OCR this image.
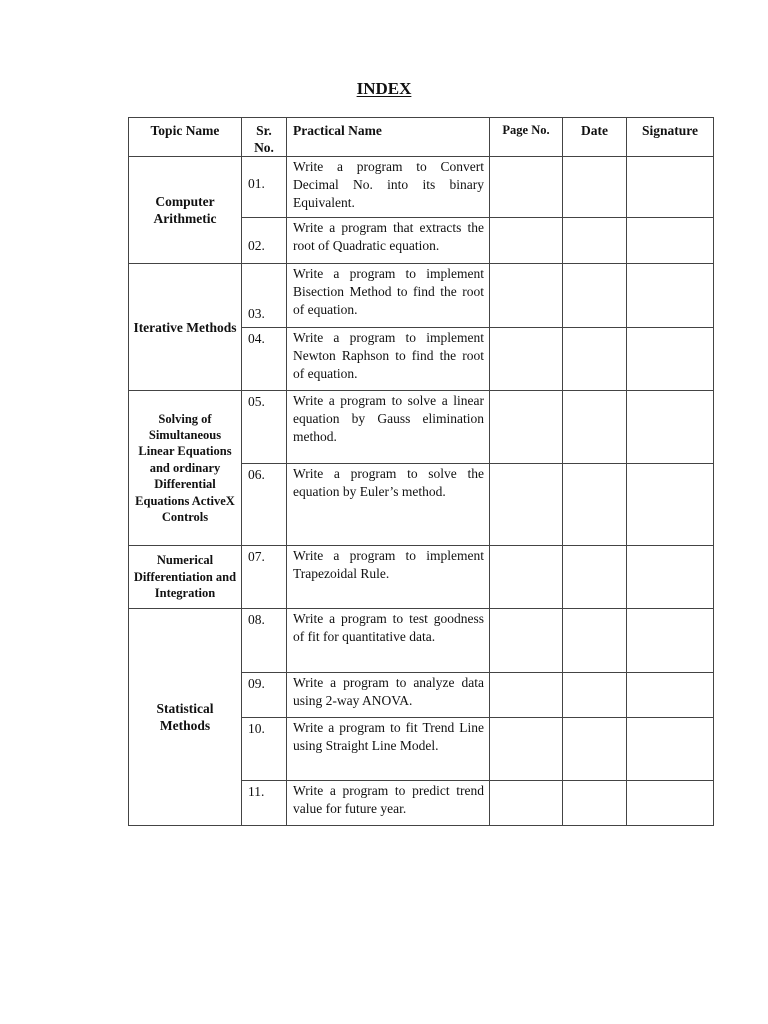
INDEX
Topic Name	Sr. No.	Practical Name	Page No.	Date	Signature
Computer Arithmetic	01.	Write a program to Convert Decimal No. into its binary Equivalent.			
	02.	Write a program that extracts the root of Quadratic equation.			
Iterative Methods	03.	Write a program to implement Bisection Method to find the root of equation.			
	04.	Write a program to implement Newton Raphson to find the root of equation.			
Solving of Simultaneous Linear Equations and ordinary Differential Equations ActiveX Controls	05.	Write a program to solve a linear equation by Gauss elimination method.			
	06.	Write a program to solve the equation by Euler’s method.			
Numerical Differentiation and Integration	07.	Write a program to implement Trapezoidal Rule.			
Statistical Methods	08.	Write a program to test goodness of fit for quantitative data.			
	09.	Write a program to analyze data using 2-way ANOVA.			
	10.	Write a program to fit Trend Line using Straight Line Model.			
	11.	Write a program to predict trend value for future year.			
